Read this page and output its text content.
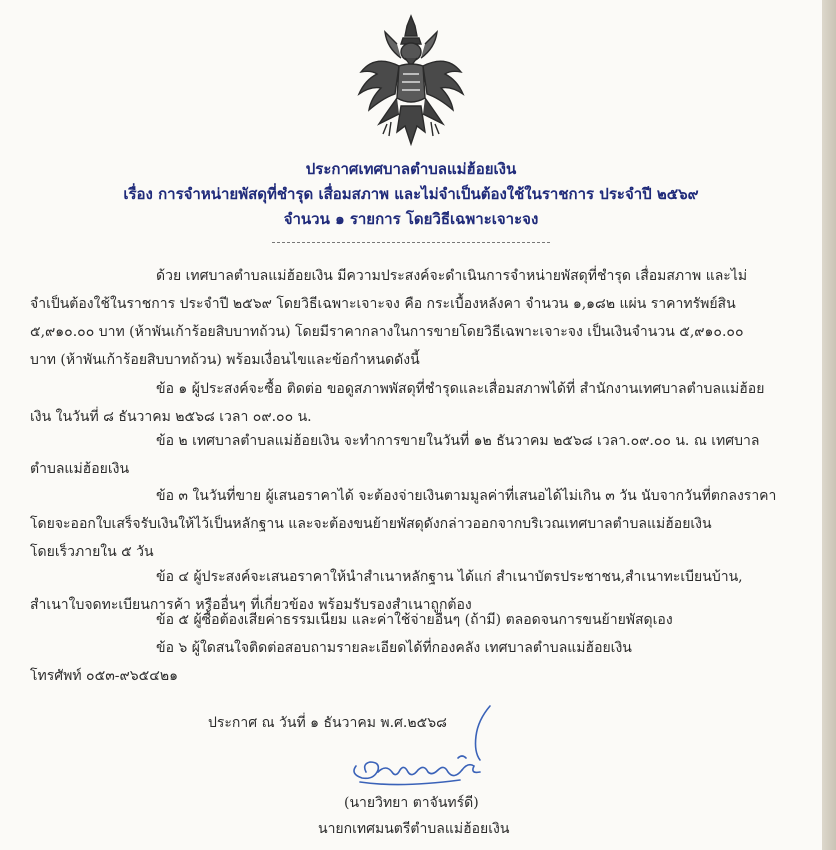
ประกาศเทศบาลตำบลแม่ฮ้อยเงิน
เรื่อง การจำหน่ายพัสดุที่ชำรุด เสื่อมสภาพ และไม่จำเป็นต้องใช้ในราชการ ประจำปี ๒๕๖๙
จำนวน ๑ รายการ โดยวิธีเฉพาะเจาะจง
ด้วย เทศบาลตำบลแม่ฮ้อยเงิน มีความประสงค์จะดำเนินการจำหน่ายพัสดุที่ชำรุด เสื่อมสภาพ และไม่
จำเป็นต้องใช้ในราชการ ประจำปี ๒๕๖๙ โดยวิธีเฉพาะเจาะจง คือ กระเบื้องหลังคา จำนวน ๑,๑๘๒ แผ่น ราคาทรัพย์สิน
๕,๙๑๐.๐๐ บาท (ห้าพันเก้าร้อยสิบบาทถ้วน) โดยมีราคากลางในการขายโดยวิธีเฉพาะเจาะจง เป็นเงินจำนวน ๕,๙๑๐.๐๐
บาท (ห้าพันเก้าร้อยสิบบาทถ้วน) พร้อมเงื่อนไขและข้อกำหนดดังนี้
ข้อ ๑ ผู้ประสงค์จะซื้อ ติดต่อ ขอดูสภาพพัสดุที่ชำรุดและเสื่อมสภาพได้ที่ สำนักงานเทศบาลตำบลแม่ฮ้อย
เงิน ในวันที่ ๘ ธันวาคม ๒๕๖๘ เวลา ๐๙.๐๐ น.
ข้อ ๒ เทศบาลตำบลแม่ฮ้อยเงิน จะทำการขายในวันที่ ๑๒ ธันวาคม ๒๕๖๘ เวลา.๐๙.๐๐ น. ณ เทศบาล
ตำบลแม่ฮ้อยเงิน
ข้อ ๓ ในวันที่ขาย ผู้เสนอราคาได้ จะต้องจ่ายเงินตามมูลค่าที่เสนอได้ไม่เกิน ๓ วัน นับจากวันที่ตกลงราคา
โดยจะออกใบเสร็จรับเงินให้ไว้เป็นหลักฐาน และจะต้องขนย้ายพัสดุดังกล่าวออกจากบริเวณเทศบาลตำบลแม่ฮ้อยเงิน
โดยเร็วภายใน ๕ วัน
ข้อ ๔ ผู้ประสงค์จะเสนอราคาให้นำสำเนาหลักฐาน ได้แก่ สำเนาบัตรประชาชน,สำเนาทะเบียนบ้าน,
สำเนาใบจดทะเบียนการค้า หรืออื่นๆ ที่เกี่ยวข้อง พร้อมรับรองสำเนาถูกต้อง
ข้อ ๕ ผู้ซื้อต้องเสียค่าธรรมเนียม และค่าใช้จ่ายอื่นๆ (ถ้ามี) ตลอดจนการขนย้ายพัสดุเอง
ข้อ ๖ ผู้ใดสนใจติดต่อสอบถามรายละเอียดได้ที่กองคลัง เทศบาลตำบลแม่ฮ้อยเงิน
โทรศัพท์ ๐๕๓-๙๖๕๔๒๑
ประกาศ ณ วันที่ ๑ ธันวาคม พ.ศ.๒๕๖๘
(นายวิทยา ตาจันทร์ดี)
นายกเทศมนตรีตำบลแม่ฮ้อยเงิน
